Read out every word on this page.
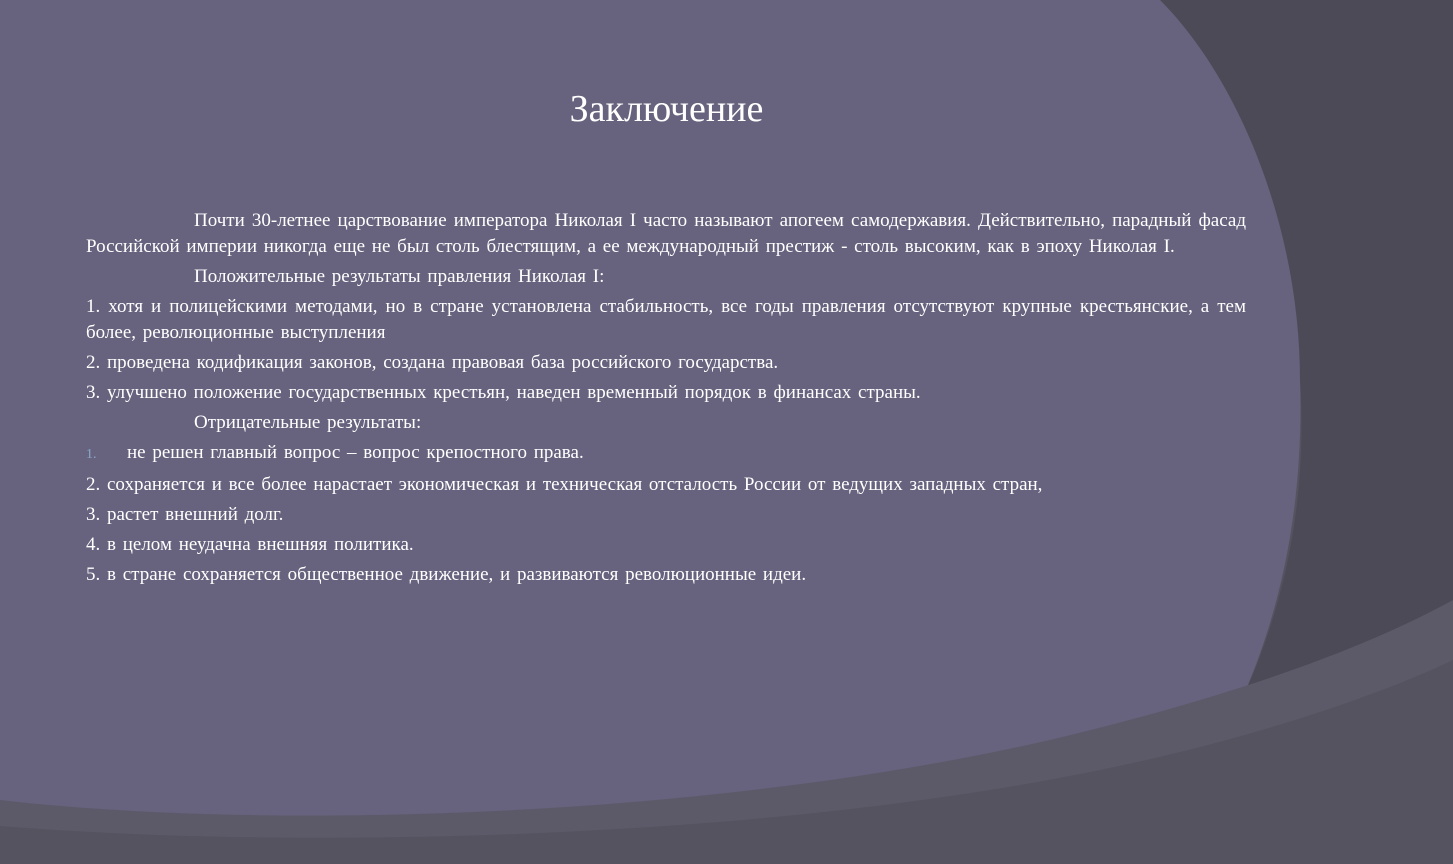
Заключение

Почти 30-летнее царствование императора Николая I часто называют апогеем самодержавия. Действительно, парадный фасад Российской империи никогда еще не был столь блестящим, а ее международный престиж - столь высоким, как в эпоху Николая I.

Положительные результаты правления Николая I:

1. хотя и полицейскими методами, но в стране установлена стабильность, все годы правления отсутствуют крупные крестьянские, а тем более, революционные выступления

2. проведена кодификация законов, создана правовая база российского государства.

3. улучшено положение государственных крестьян, наведен временный порядок в финансах страны.

Отрицательные результаты:

1. не решен главный вопрос – вопрос крепостного права.

2. сохраняется и все более нарастает экономическая и техническая отсталость России от ведущих западных стран,

3. растет внешний долг.

4. в целом неудачна внешняя политика.

5. в стране сохраняется общественное движение, и развиваются революционные идеи.
